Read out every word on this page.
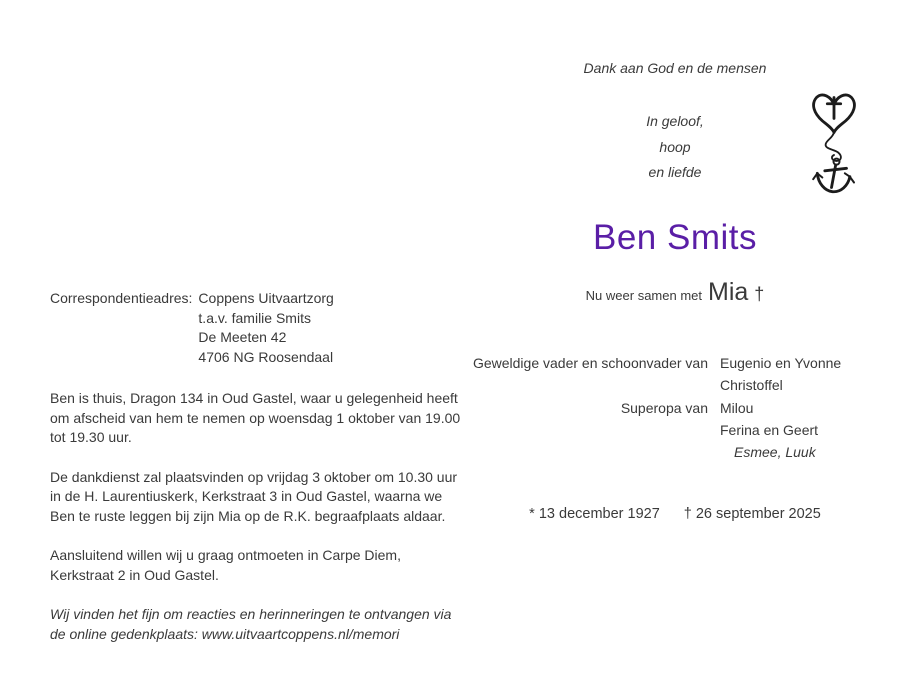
Correspondentieadres: Coppens Uitvaartzorg
t.a.v. familie Smits
De Meeten 42
4706 NG Roosendaal

Ben is thuis, Dragon 134 in Oud Gastel, waar u gelegenheid heeft om afscheid van hem te nemen op woensdag 1 oktober van 19.00 tot 19.30 uur.

De dankdienst zal plaatsvinden op vrijdag 3 oktober om 10.30 uur in de H. Laurentiuskerk, Kerkstraat 3 in Oud Gastel, waarna we Ben te ruste leggen bij zijn Mia op de R.K. begraafplaats aldaar.

Aansluitend willen wij u graag ontmoeten in Carpe Diem, Kerkstraat 2 in Oud Gastel.

Wij vinden het fijn om reacties en herinneringen te ontvangen via de online gedenkplaats: www.uitvaartcoppens.nl/memori

Dank aan God en de mensen
In geloof,
hoop
en liefde
Ben Smits
Nu weer samen met Mia †
Geweldige vader en schoonvader van Eugenio en Yvonne
Christoffel
Superopa van Milou
Ferina en Geert
Esmee, Luuk
* 13 december 1927 † 26 september 2025
